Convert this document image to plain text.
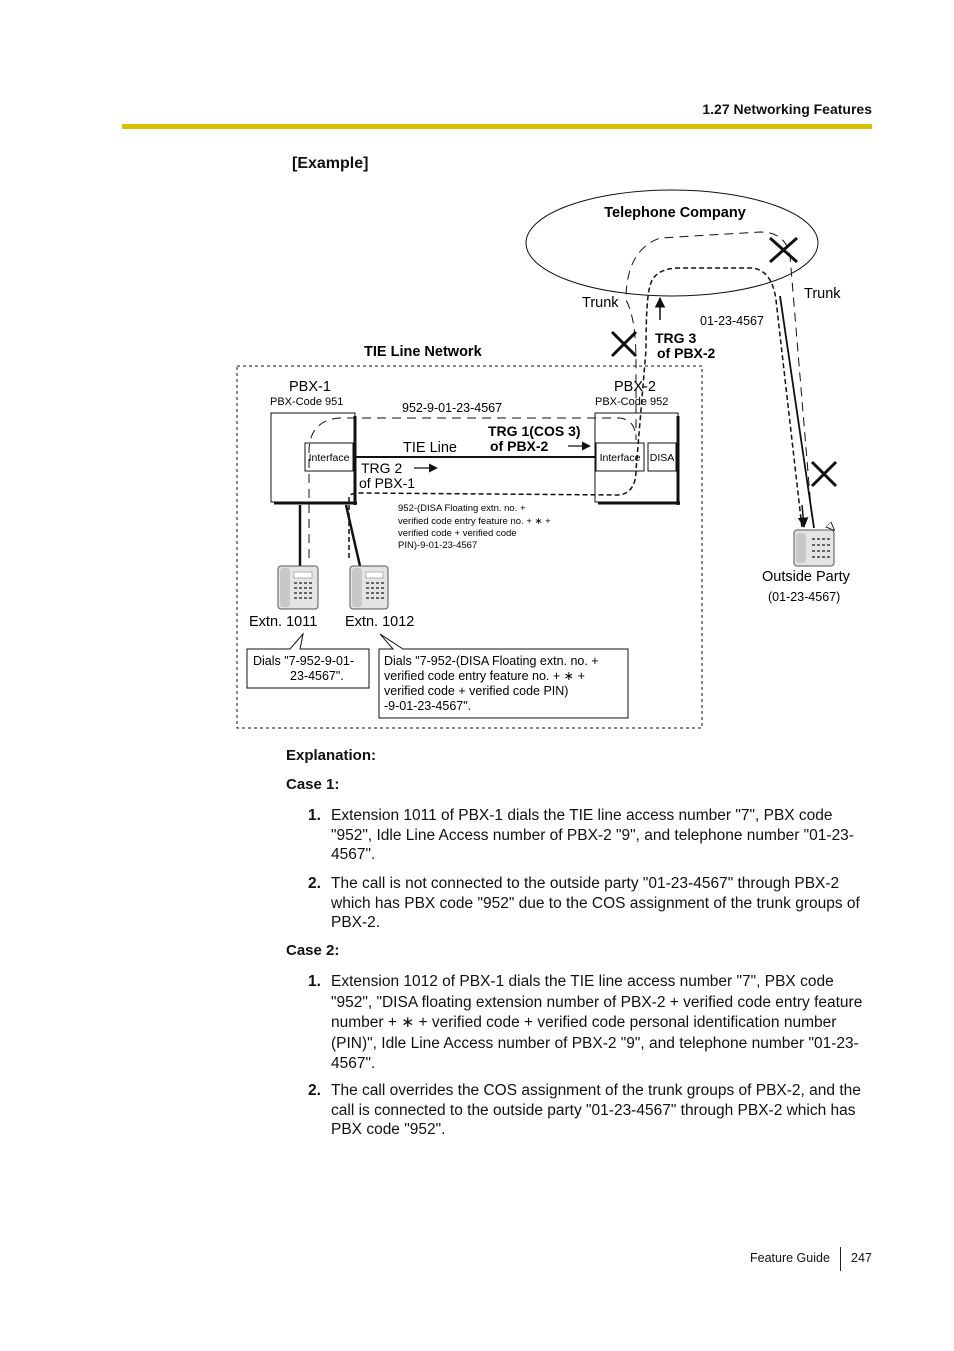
1.27 Networking Features
[Example]
Telephone Company
TIE Line Network
PBX-1
PBX-Code 951
Interface
PBX-2
PBX-Code 952
Interface DISA
TIE Line
952-9-01-23-4567
TRG 1(COS 3)
of PBX-2
TRG 2
of PBX-1
952-(DISA Floating extn. no. +
verified code entry feature no. + ∗ +
verified code + verified code
PIN)-9-01-23-4567
Trunk
Trunk
TRG 3
of PBX-2
01-23-4567
Extn. 1011 Extn. 1012
Outside Party
(01-23-4567)
Dials "7-952-9-01-
23-4567".
Dials "7-952-(DISA Floating extn. no. +
verified code entry feature no. + ∗ +
verified code + verified code PIN)
-9-01-23-4567".
Explanation:
Case 1:
1. Extension 1011 of PBX-1 dials the TIE line access number "7", PBX code "952", Idle Line Access number of PBX-2 "9", and telephone number "01-23-4567".
2. The call is not connected to the outside party "01-23-4567" through PBX-2 which has PBX code "952" due to the COS assignment of the trunk groups of PBX-2.
Case 2:
1. Extension 1012 of PBX-1 dials the TIE line access number "7", PBX code "952", "DISA floating extension number of PBX-2 + verified code entry feature number + ∗ + verified code + verified code personal identification number (PIN)", Idle Line Access number of PBX-2 "9", and telephone number "01-23-4567".
2. The call overrides the COS assignment of the trunk groups of PBX-2, and the call is connected to the outside party "01-23-4567" through PBX-2 which has PBX code "952".
Feature Guide 247
